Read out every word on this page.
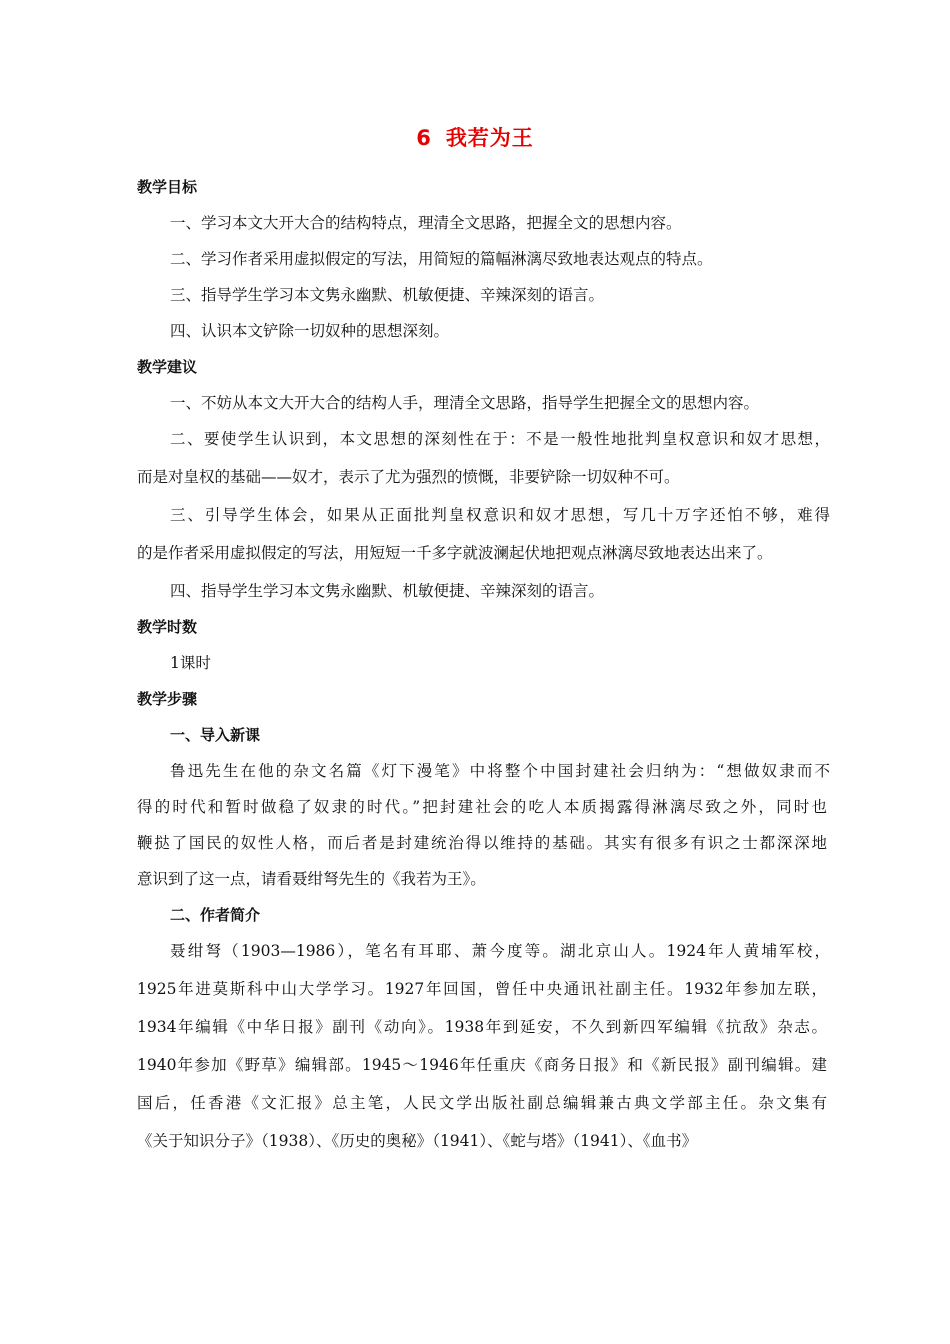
6 我若为王
教学目标
一、学习本文大开大合的结构特点，理清全文思路，把握全文的思想内容。
二、学习作者采用虚拟假定的写法，用简短的篇幅淋漓尽致地表达观点的特点。
三、指导学生学习本文隽永幽默、机敏便捷、辛辣深刻的语言。
四、认识本文铲除一切奴种的思想深刻。
教学建议
一、不妨从本文大开大合的结构人手，理清全文思路，指导学生把握全文的思想内容。
二、要使学生认识到，本文思想的深刻性在于：不是一般性地批判皇权意识和奴才思想，
而是对皇权的基础——奴才，表示了尤为强烈的愤慨，非要铲除一切奴种不可。
三、引导学生体会，如果从正面批判皇权意识和奴才思想，写几十万字还怕不够，难得
的是作者采用虚拟假定的写法，用短短一千多字就波澜起伏地把观点淋漓尽致地表达出来了。
四、指导学生学习本文隽永幽默、机敏便捷、辛辣深刻的语言。
教学时数
1课时
教学步骤
一、导入新课
鲁迅先生在他的杂文名篇《灯下漫笔》中将整个中国封建社会归纳为：“想做奴隶而不
得的时代和暂时做稳了奴隶的时代。”把封建社会的吃人本质揭露得淋漓尽致之外，同时也
鞭挞了国民的奴性人格，而后者是封建统治得以维持的基础。其实有很多有识之士都深深地
意识到了这一点，请看聂绀弩先生的《我若为王》。
二、作者简介
聂绀弩（1903—1986），笔名有耳耶、萧今度等。湖北京山人。1924年人黄埔军校，
1925年进莫斯科中山大学学习。1927年回国，曾任中央通讯社副主任。1932年参加左联，
1934年编辑《中华日报》副刊《动向》。1938年到延安，不久到新四军编辑《抗敌》杂志。
1940年参加《野草》编辑部。1945～1946年任重庆《商务日报》和《新民报》副刊编辑。建
国后，任香港《文汇报》总主笔，人民文学出版社副总编辑兼古典文学部主任。杂文集有
《关于知识分子》（1938）、《历史的奥秘》（1941）、《蛇与塔》（1941）、《血书》
